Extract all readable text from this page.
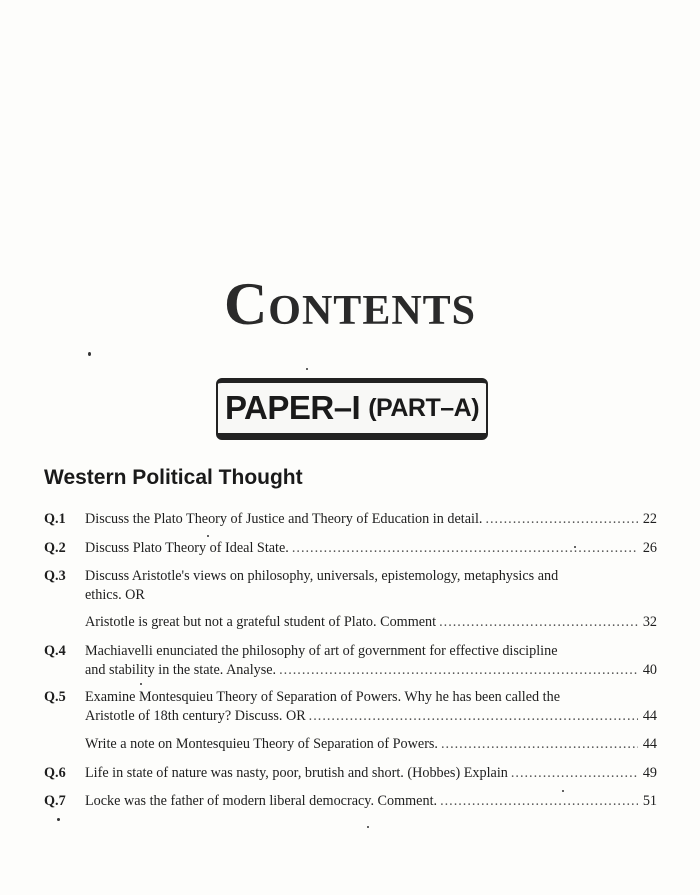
Contents
PAPER–I (PART–A)
Western Political Thought
Q.1 Discuss the Plato Theory of Justice and Theory of Education in detail. .....	22
Q.2 Discuss Plato Theory of Ideal State. .....	26
Q.3 Discuss Aristotle's views on philosophy, universals, epistemology, metaphysics and
ethics. OR
Aristotle is great but not a grateful student of Plato. Comment .....	32
Q.4 Machiavelli enunciated the philosophy of art of government for effective discipline
and stability in the state. Analyse. .....	40
Q.5 Examine Montesquieu Theory of Separation of Powers. Why he has been called the
Aristotle of 18th century? Discuss. OR .....	44
Write a note on Montesquieu Theory of Separation of Powers. .....	44
Q.6 Life in state of nature was nasty, poor, brutish and short. (Hobbes) Explain .....	49
Q.7 Locke was the father of modern liberal democracy. Comment. .....	51
